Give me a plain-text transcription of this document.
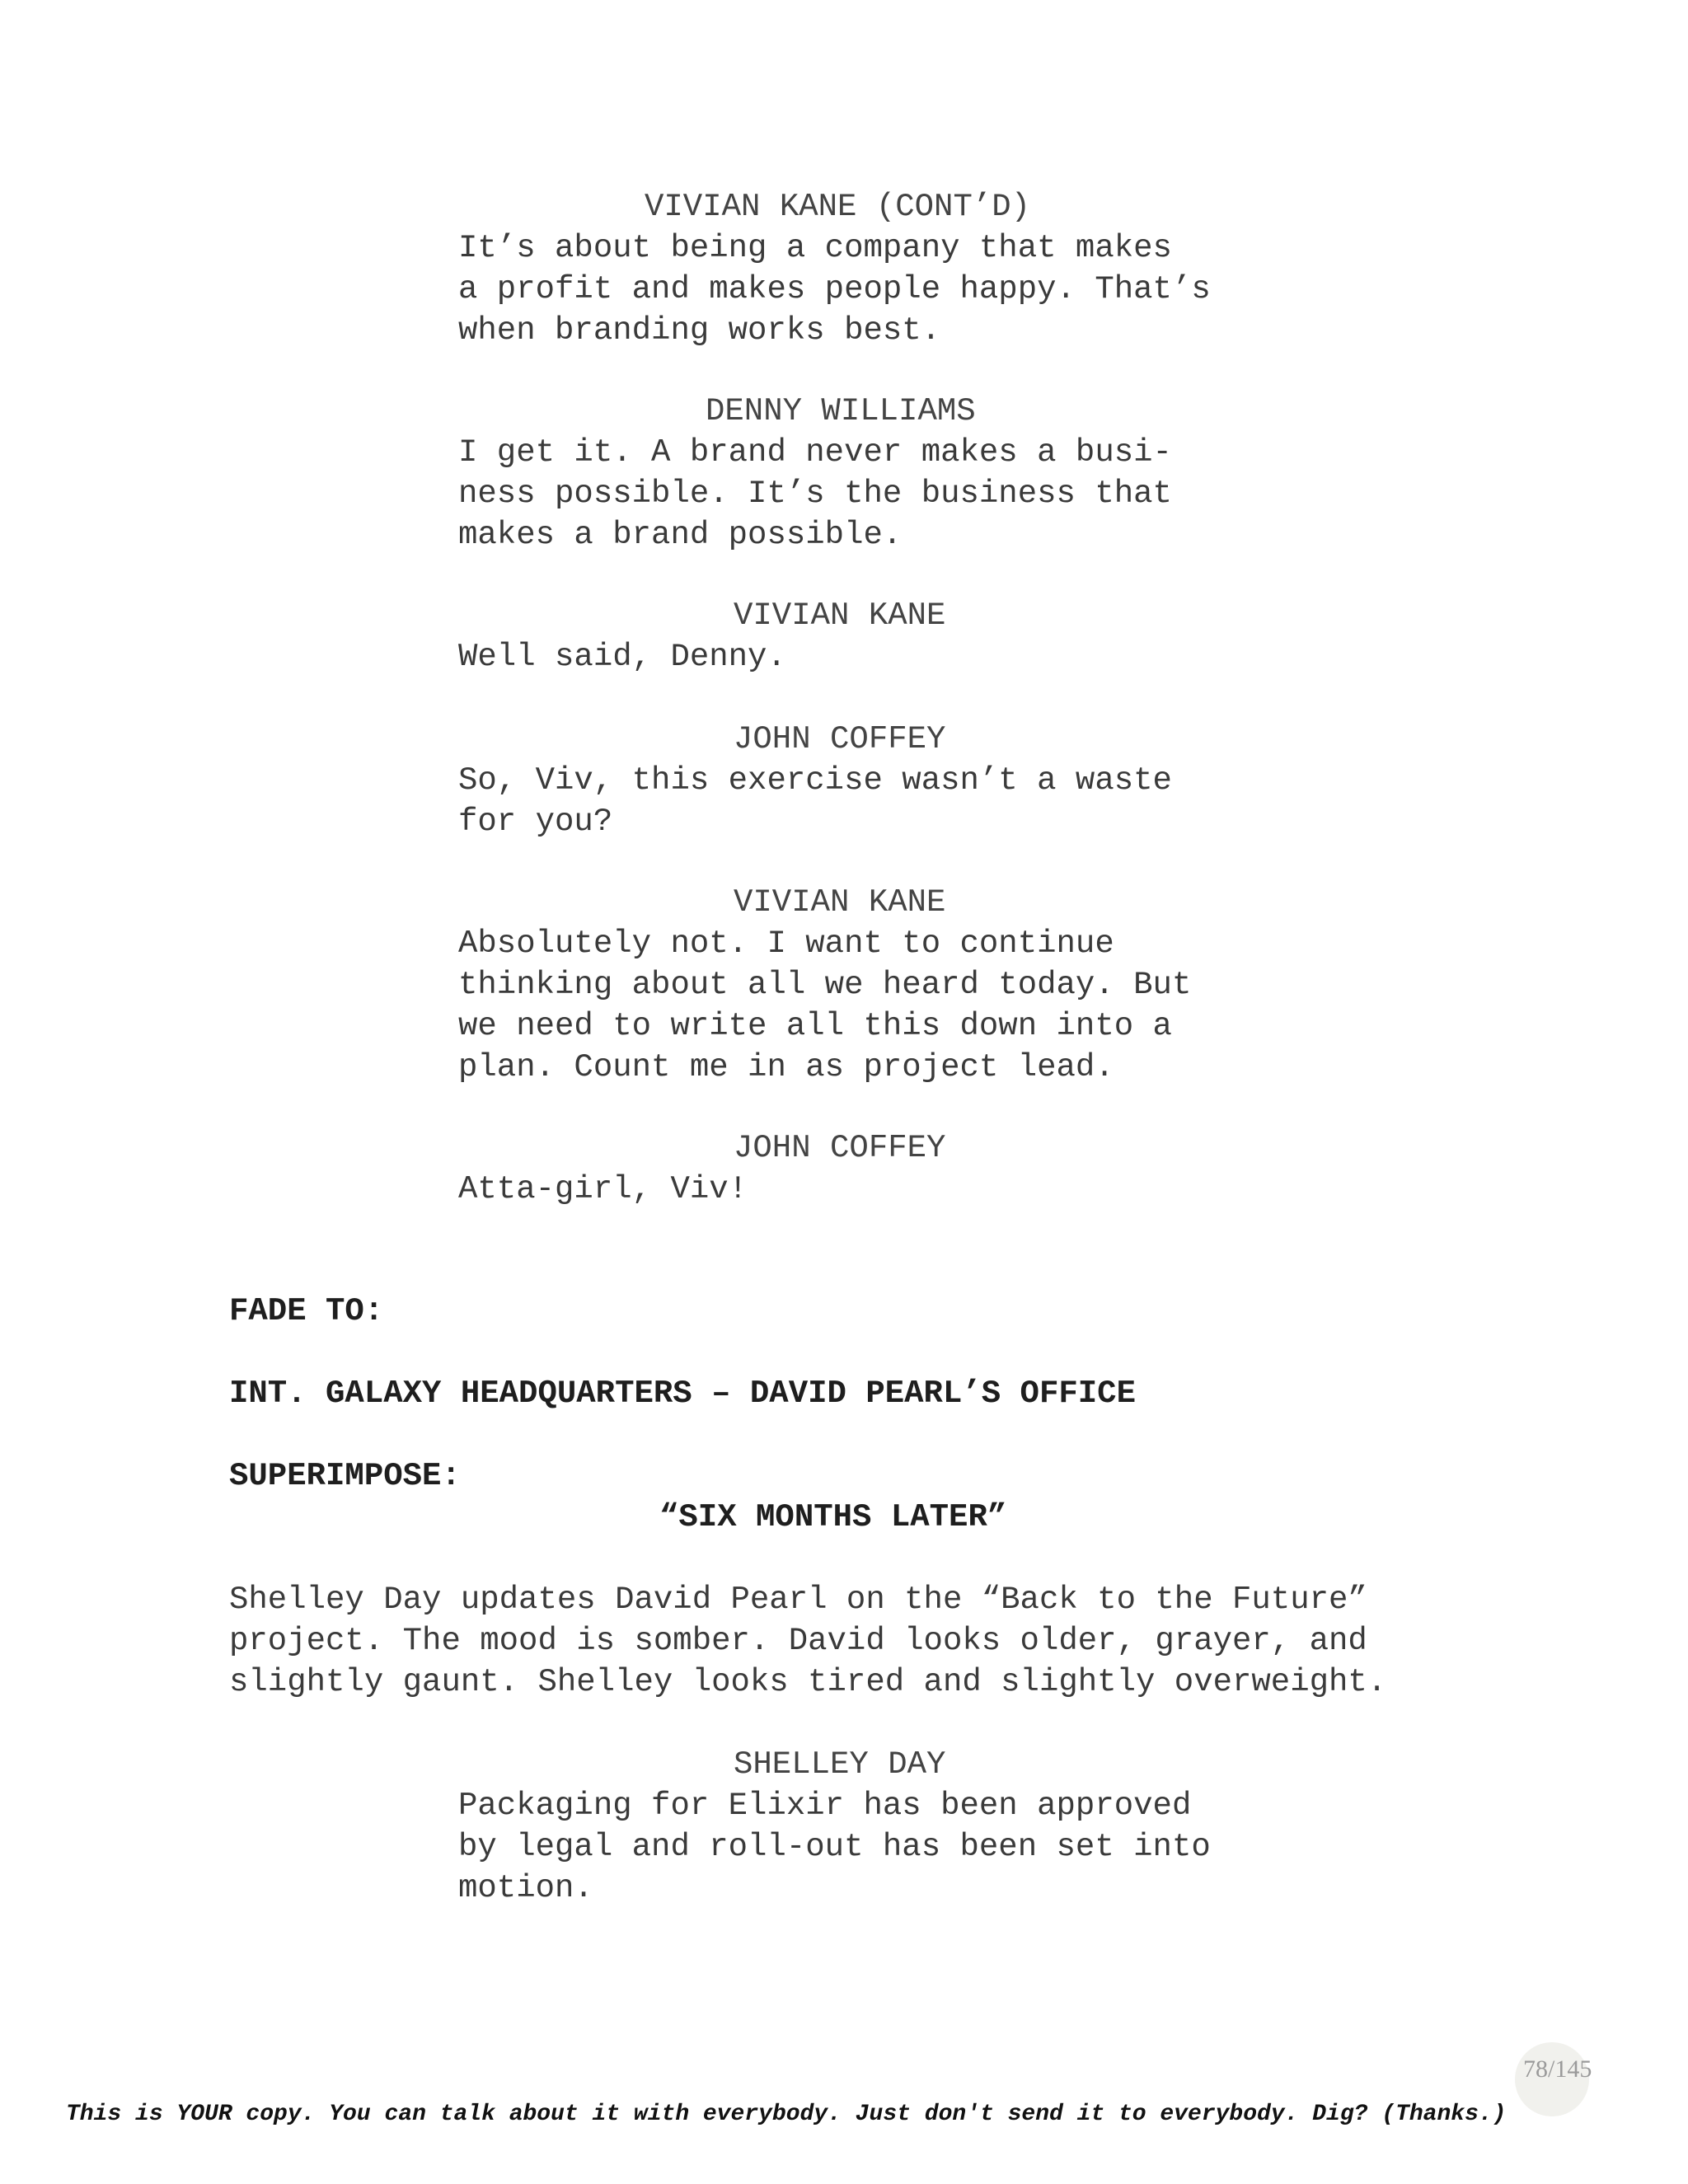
VIVIAN KANE (CONT’D)
It’s about being a company that makes
a profit and makes people happy. That’s
when branding works best.
DENNY WILLIAMS
I get it. A brand never makes a busi-
ness possible. It’s the business that
makes a brand possible.
VIVIAN KANE
Well said, Denny.
JOHN COFFEY
So, Viv, this exercise wasn’t a waste
for you?
VIVIAN KANE
Absolutely not. I want to continue
thinking about all we heard today. But
we need to write all this down into a
plan. Count me in as project lead.
JOHN COFFEY
Atta-girl, Viv!
FADE TO:
INT. GALAXY HEADQUARTERS – DAVID PEARL’S OFFICE
SUPERIMPOSE:
“SIX MONTHS LATER”
Shelley Day updates David Pearl on the “Back to the Future”
project. The mood is somber. David looks older, grayer, and
slightly gaunt. Shelley looks tired and slightly overweight.
SHELLEY DAY
Packaging for Elixir has been approved
by legal and roll-out has been set into
motion.
78/145
This is YOUR copy. You can talk about it with everybody. Just don't send it to everybody. Dig? (Thanks.)
